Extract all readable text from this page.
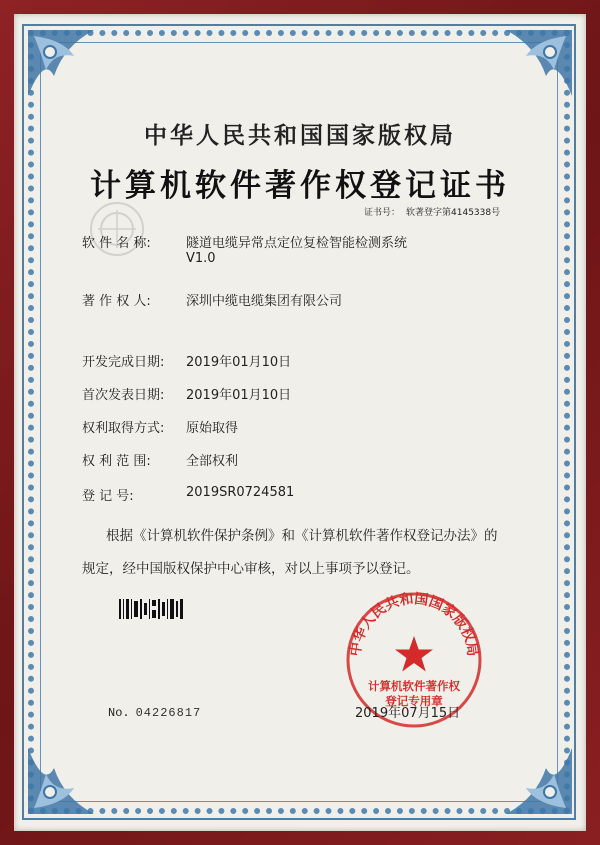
中华人民共和国国家版权局
计算机软件著作权登记证书
证书号： 软著登字第4145338号
软 件 名 称:	隧道电缆异常点定位复检智能检测系统
V1.0
著 作 权 人:	深圳中缆电缆集团有限公司
开发完成日期:	2019年01月10日
首次发表日期:	2019年01月10日
权利取得方式:	原始取得
权 利 范 围:	全部权利
登 记 号:	2019SR0724581
根据《计算机软件保护条例》和《计算机软件著作权登记办法》的
规定，经中国版权保护中心审核，对以上事项予以登记。
中华人民共和国国家版权局
计算机软件著作权
登记专用章
No. 04226817	2019年07月15日
